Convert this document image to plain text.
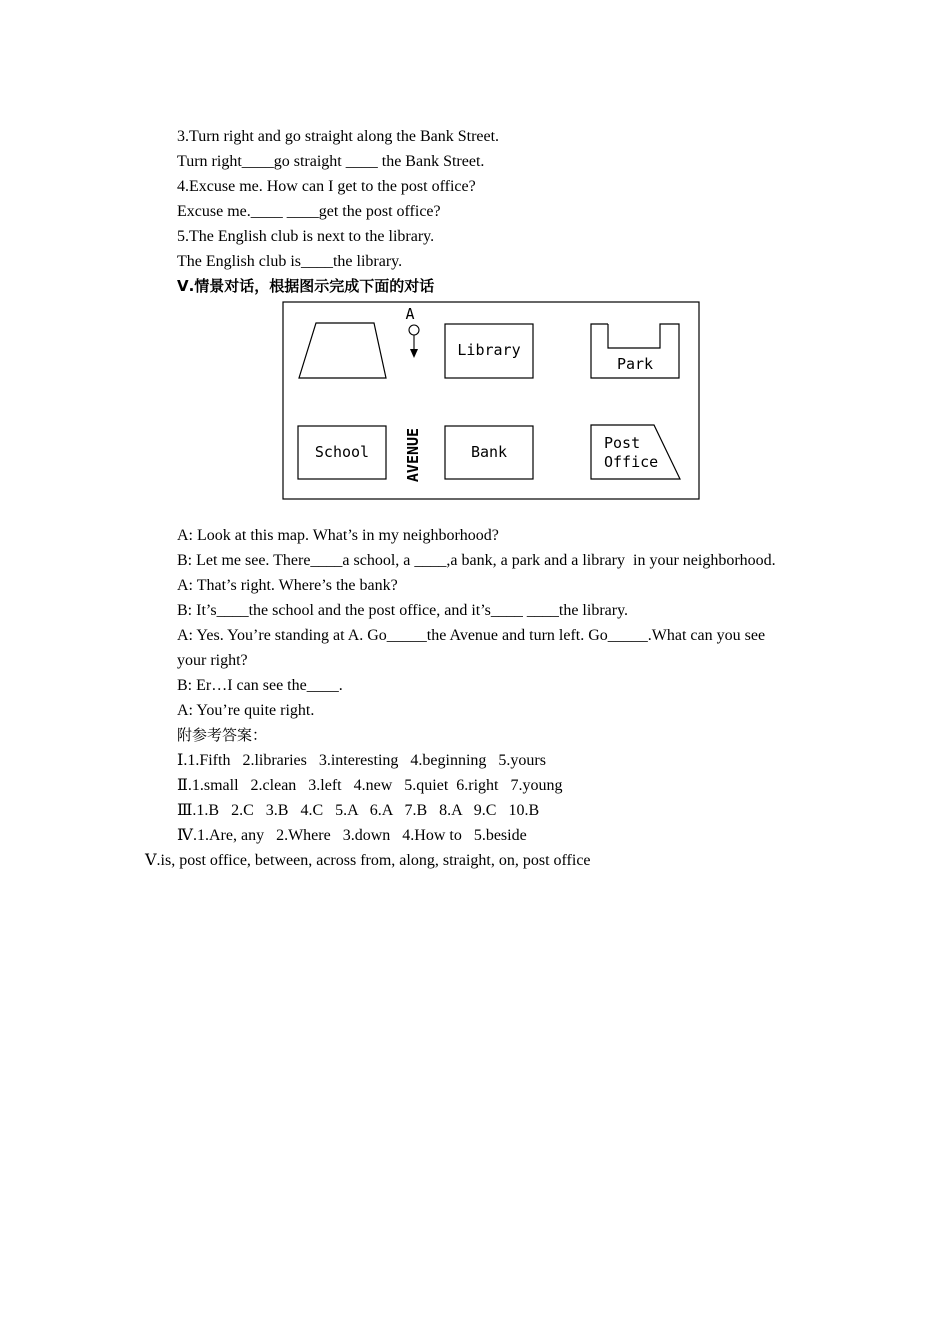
3.Turn right and go straight along the Bank Street.
Turn right____go straight ____ the Bank Street.
4.Excuse me. How can I get to the post office?
Excuse me.____ ____get the post office?
5.The English club is next to the library.
The English club is____the library.
Ⅴ.情景对话，根据图示完成下面的对话
A
Library
Park
School AVENUE	Bank	Post
Office
A: Look at this map. What’s in my neighborhood?
B: Let me see. There____a school, a ____,a bank, a park and a library  in your neighborhood.
A: That’s right. Where’s the bank?
B: It’s____the school and the post office, and it’s____ ____the library.
A: Yes. You’re standing at A. Go_____the Avenue and turn left. Go_____.What can you see
your right?
B: Er…I can see the____.
A: You’re quite right.
附参考答案：
Ⅰ.1.Fifth   2.libraries   3.interesting   4.beginning   5.yours
Ⅱ.1.small   2.clean   3.left   4.new   5.quiet  6.right   7.young
Ⅲ.1.B   2.C   3.B   4.C   5.A   6.A   7.B   8.A   9.C   10.B
Ⅳ.1.Are, any   2.Where   3.down   4.How to   5.beside
Ⅴ.is, post office, between, across from, along, straight, on, post office
